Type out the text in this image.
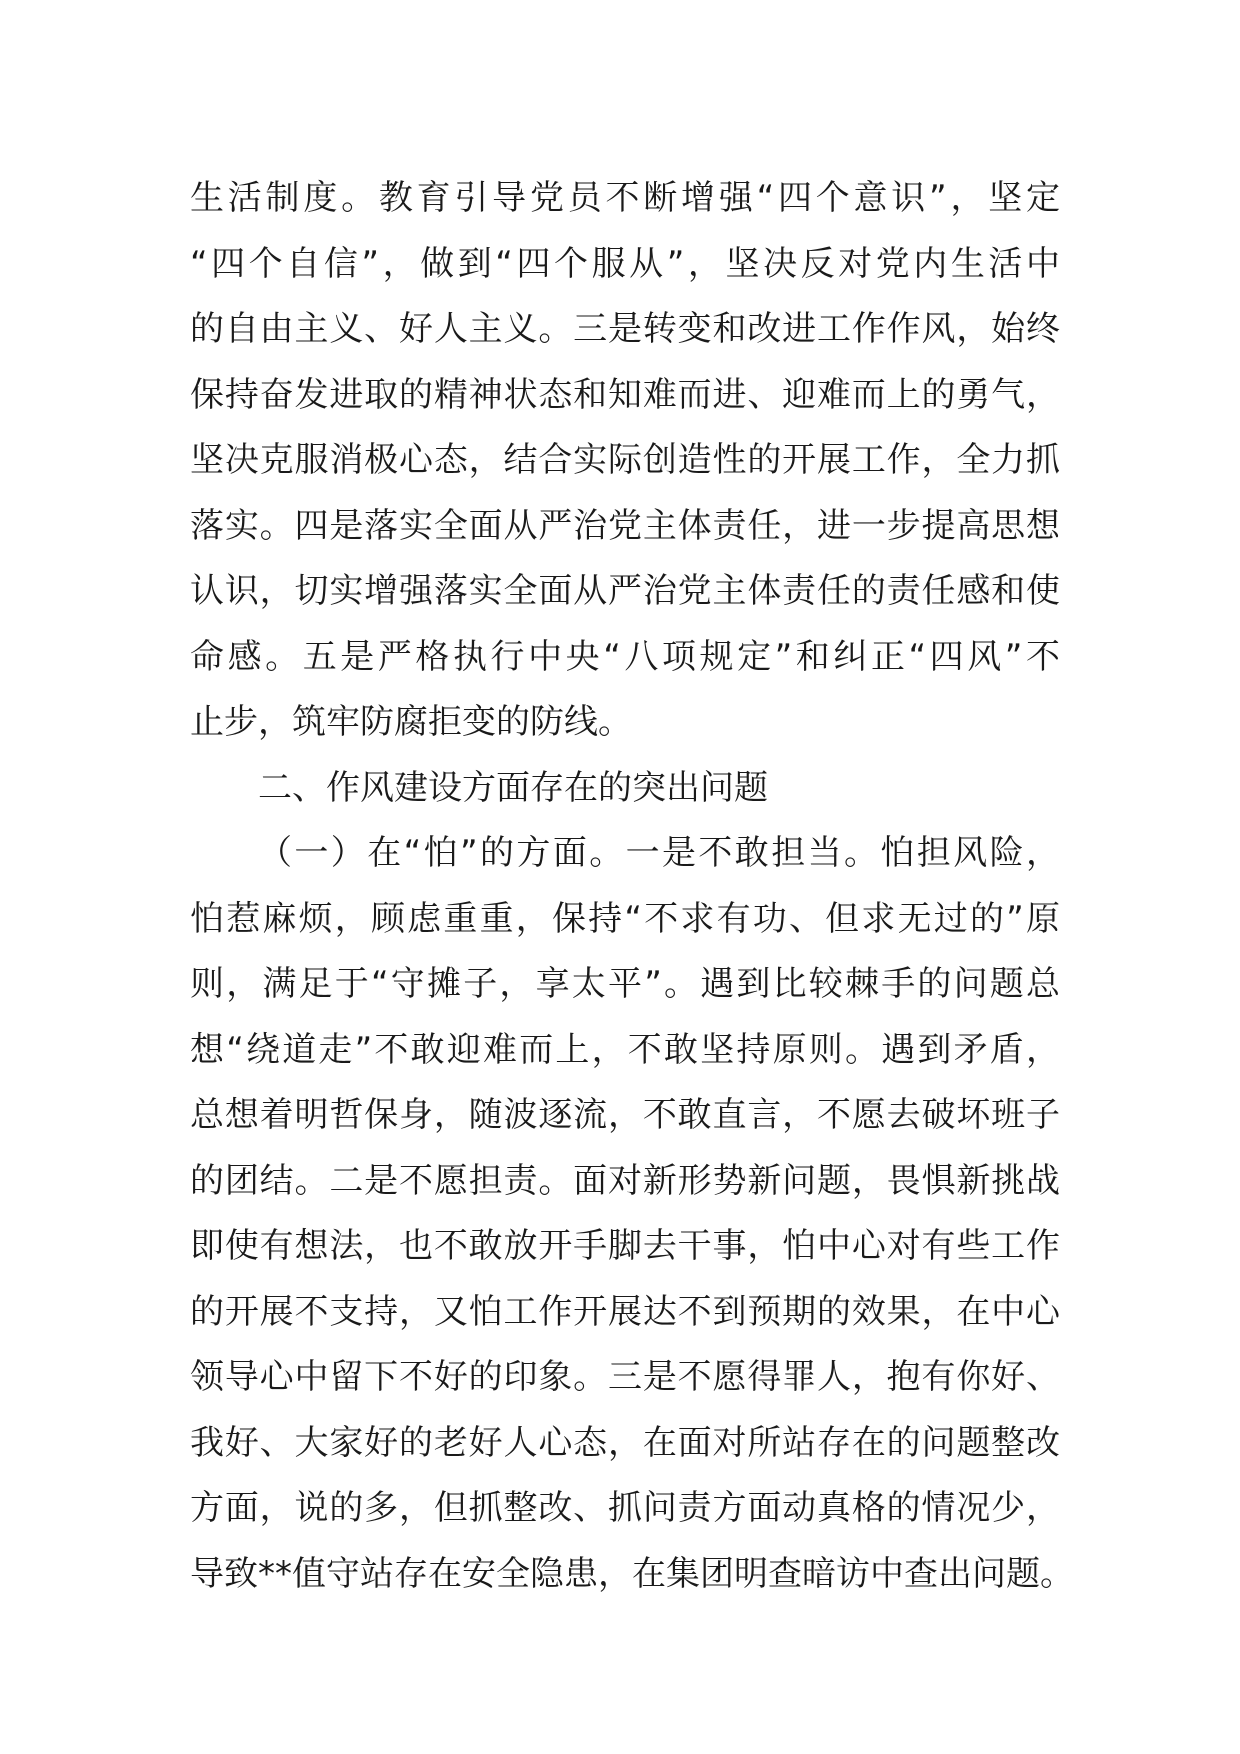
生活制度。教育引导党员不断增强“四个意识”，坚定
“四个自信”，做到“四个服从”，坚决反对党内生活中
的自由主义、好人主义。三是转变和改进工作作风，始终
保持奋发进取的精神状态和知难而进、迎难而上的勇气，
坚决克服消极心态，结合实际创造性的开展工作，全力抓
落实。四是落实全面从严治党主体责任，进一步提高思想
认识，切实增强落实全面从严治党主体责任的责任感和使
命感。五是严格执行中央“八项规定”和纠正“四风”不
止步，筑牢防腐拒变的防线。
二、作风建设方面存在的突出问题
（一）在“怕”的方面。一是不敢担当。怕担风险，
怕惹麻烦，顾虑重重，保持“不求有功、但求无过的”原
则，满足于“守摊子，享太平”。遇到比较棘手的问题总
想“绕道走”不敢迎难而上，不敢坚持原则。遇到矛盾，
总想着明哲保身，随波逐流，不敢直言，不愿去破坏班子
的团结。二是不愿担责。面对新形势新问题，畏惧新挑战
即使有想法，也不敢放开手脚去干事，怕中心对有些工作
的开展不支持，又怕工作开展达不到预期的效果，在中心
领导心中留下不好的印象。三是不愿得罪人，抱有你好、
我好、大家好的老好人心态，在面对所站存在的问题整改
方面，说的多，但抓整改、抓问责方面动真格的情况少，
导致**值守站存在安全隐患，在集团明查暗访中查出问题。
